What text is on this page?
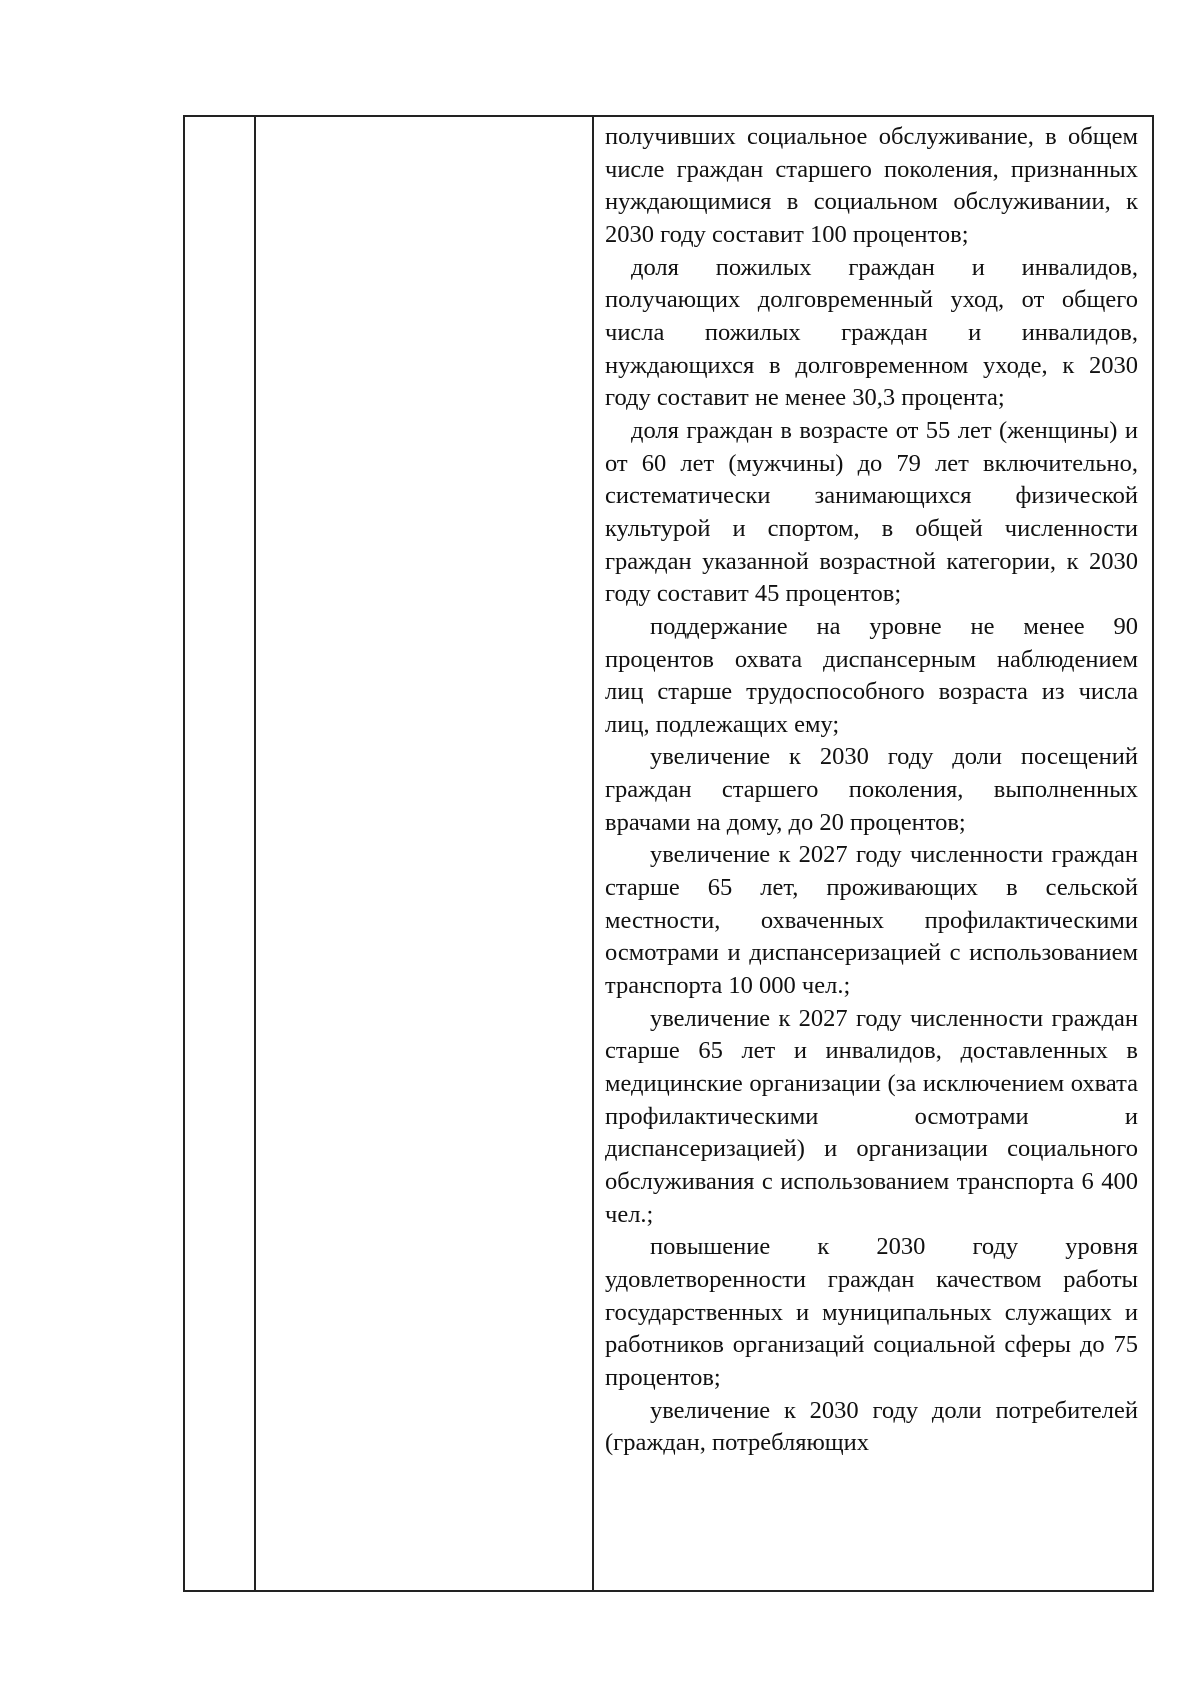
получивших социальное обслуживание, в общем числе граждан старшего поколения, признанных нуждающимися в социальном обслуживании, к 2030 году составит 100 процентов;

доля пожилых граждан и инвалидов, получающих долговременный уход, от общего числа пожилых граждан и инвалидов, нуждающихся в долговременном уходе, к 2030 году составит не менее 30,3 процента;

доля граждан в возрасте от 55 лет (женщины) и от 60 лет (мужчины) до 79 лет включительно, систематически занимающихся физической культурой и спортом, в общей численности граждан указанной возрастной категории, к 2030 году составит 45 процентов;

поддержание на уровне не менее 90 процентов охвата диспансерным наблюдением лиц старше трудоспособного возраста из числа лиц, подлежащих ему;

увеличение к 2030 году доли посещений граждан старшего поколения, выполненных врачами на дому, до 20 процентов;

увеличение к 2027 году численности граждан старше 65 лет, проживающих в сельской местности, охваченных профилактическими осмотрами и диспансеризацией с использованием транспорта 10 000 чел.;

увеличение к 2027 году численности граждан старше 65 лет и инвалидов, доставленных в медицинские организации (за исключением охвата профилактическими осмотрами и диспансеризацией) и организации социального обслуживания с использованием транспорта 6 400 чел.;

повышение к 2030 году уровня удовлетворенности граждан качеством работы государственных и муниципальных служащих и работников организаций социальной сферы до 75 процентов;

увеличение к 2030 году доли потребителей (граждан, потребляющих
